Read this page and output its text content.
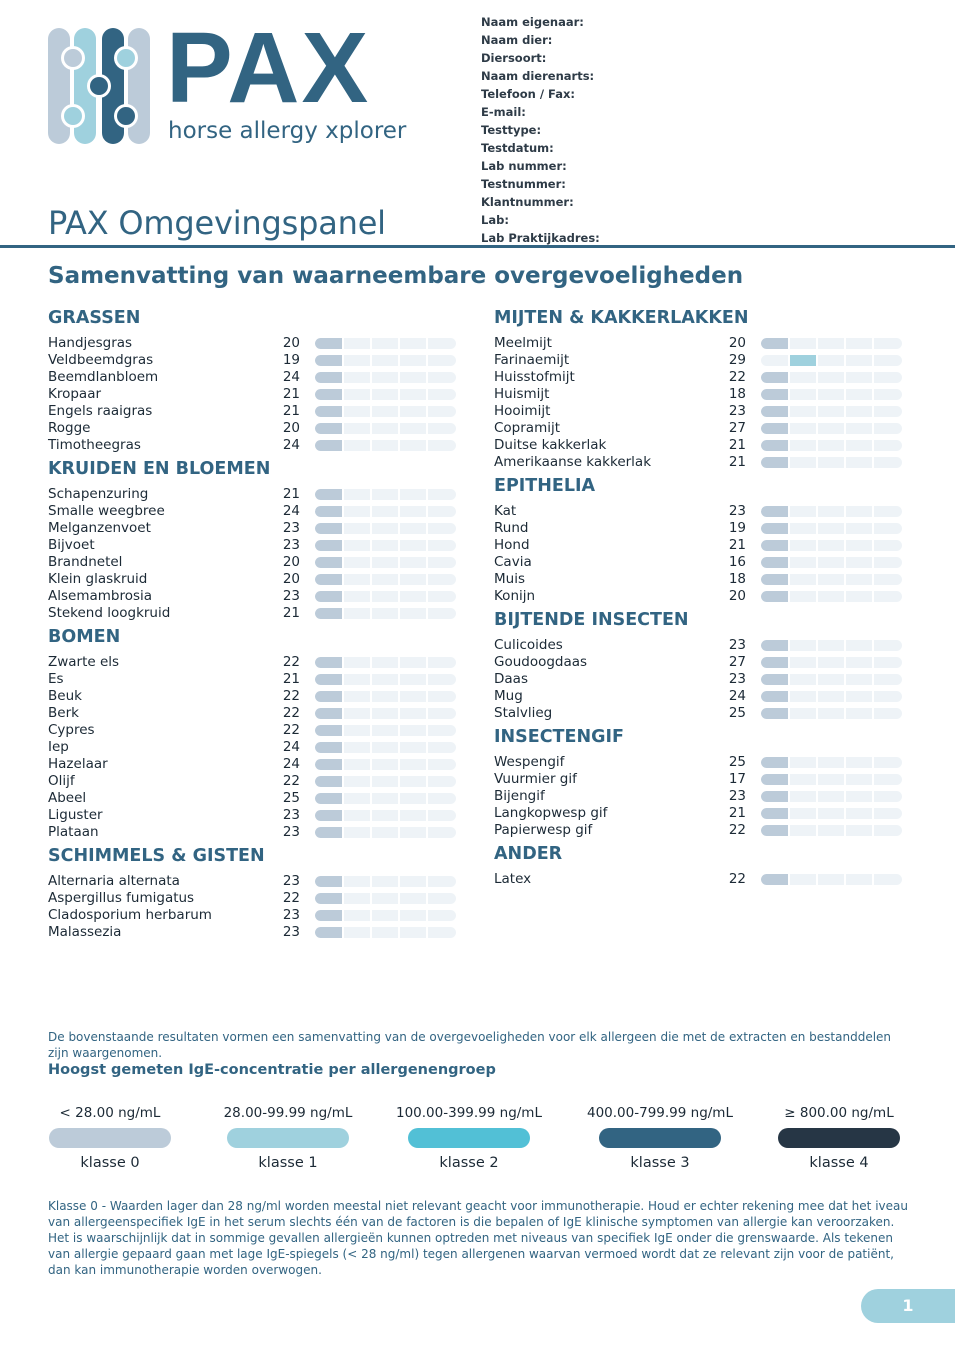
PAX
horse allergy xplorer
PAX Omgevingspanel
Naam eigenaar:
Naam dier:
Diersoort:
Naam dierenarts:
Telefoon / Fax:
E-mail:
Testtype:
Testdatum:
Lab nummer:
Testnummer:
Klantnummer:
Lab:
Lab Praktijkadres:
Samenvatting van waarneembare overgevoeligheden
GRASSEN
Handjesgras	20
Veldbeemdgras	19
Beemdlanbloem	24
Kropaar	21
Engels raaigras	21
Rogge	20
Timotheegras	24
KRUIDEN EN BLOEMEN
Schapenzuring	21
Smalle weegbree	24
Melganzenvoet	23
Bijvoet	23
Brandnetel	20
Klein glaskruid	20
Alsemambrosia	23
Stekend loogkruid	21
BOMEN
Zwarte els	22
Es	21
Beuk	22
Berk	22
Cypres	22
Iep	24
Hazelaar	24
Olijf	22
Abeel	25
Liguster	23
Plataan	23
SCHIMMELS & GISTEN
Alternaria alternata	23
Aspergillus fumigatus	22
Cladosporium herbarum	23
Malassezia	23
MIJTEN & KAKKERLAKKEN
Meelmijt	20
Farinaemijt	29
Huisstofmijt	22
Huismijt	18
Hooimijt	23
Copramijt	27
Duitse kakkerlak	21
Amerikaanse kakkerlak	21
EPITHELIA
Kat	23
Rund	19
Hond	21
Cavia	16
Muis	18
Konijn	20
BIJTENDE INSECTEN
Culicoides	23
Goudoogdaas	27
Daas	23
Mug	24
Stalvlieg	25
INSECTENGIF
Wespengif	25
Vuurmier gif	17
Bijengif	23
Langkopwesp gif	21
Papierwesp gif	22
ANDER
Latex	22
De bovenstaande resultaten vormen een samenvatting van de overgevoeligheden voor elk allergeen die met de extracten en bestanddelen zijn waargenomen.
Hoogst gemeten IgE-concentratie per allergenengroep
< 28.00 ng/mL
klasse 0
28.00-99.99 ng/mL
klasse 1
100.00-399.99 ng/mL
klasse 2
400.00-799.99 ng/mL
klasse 3
≥ 800.00 ng/mL
klasse 4
Klasse 0 - Waarden lager dan 28 ng/ml worden meestal niet relevant geacht voor immunotherapie. Houd er echter rekening mee dat het iveau van allergeenspecifiek IgE in het serum slechts één van de factoren is die bepalen of IgE klinische symptomen van allergie kan veroorzaken. Het is waarschijnlijk dat in sommige gevallen allergieën kunnen optreden met niveaus van specifiek IgE onder die grenswaarde. Als tekenen van allergie gepaard gaan met lage IgE-spiegels (< 28 ng/ml) tegen allergenen waarvan vermoed wordt dat ze relevant zijn voor de patiënt, dan kan immunotherapie worden overwogen.
1
